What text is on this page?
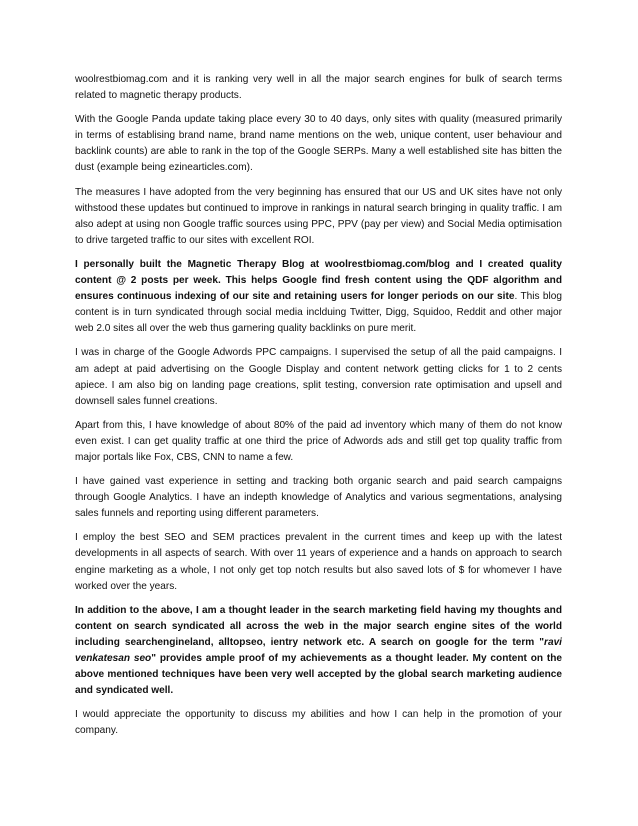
woolrestbiomag.com and it is ranking very well in all the major search engines for bulk of search terms related to magnetic therapy products.

With the Google Panda update taking place every 30 to 40 days, only sites with quality (measured primarily in terms of establising brand name, brand name mentions on the web, unique content, user behaviour and backlink counts) are able to rank in the top of the Google SERPs. Many a well established site has bitten the dust (example being ezinearticles.com).

The measures I have adopted from the very beginning has ensured that our US and UK sites have not only withstood these updates but continued to improve in rankings in natural search bringing in quality traffic. I am also adept at using non Google traffic sources using PPC, PPV (pay per view) and Social Media optimisation to drive targeted traffic to our sites with excellent ROI.

I personally built the Magnetic Therapy Blog at woolrestbiomag.com/blog and I created quality content @ 2 posts per week. This helps Google find fresh content using the QDF algorithm and ensures continuous indexing of our site and retaining users for longer periods on our site. This blog content is in turn syndicated through social media inclduing Twitter, Digg, Squidoo, Reddit and other major web 2.0 sites all over the web thus garnering quality backlinks on pure merit.

I was in charge of the Google Adwords PPC campaigns. I supervised the setup of all the paid campaigns. I am adept at paid advertising on the Google Display and content network getting clicks for 1 to 2 cents apiece. I am also big on landing page creations, split testing, conversion rate optimisation and upsell and downsell sales funnel creations.

Apart from this, I have knowledge of about 80% of the paid ad inventory which many of them do not know even exist. I can get quality traffic at one third the price of Adwords ads and still get top quality traffic from major portals like Fox, CBS, CNN to name a few.

I have gained vast experience in setting and tracking both organic search and paid search campaigns through Google Analytics. I have an indepth knowledge of Analytics and various segmentations, analysing sales funnels and reporting using different parameters.

I employ the best SEO and SEM practices prevalent in the current times and keep up with the latest developments in all aspects of search. With over 11 years of experience and a hands on approach to search engine marketing as a whole, I not only get top notch results but also saved lots of $ for whomever I have worked over the years.

In addition to the above, I am a thought leader in the search marketing field having my thoughts and content on search syndicated all across the web in the major search engine sites of the world including searchengineland, alltopseo, ientry network etc. A search on google for the term "ravi venkatesan seo" provides ample proof of my achievements as a thought leader. My content on the above mentioned techniques have been very well accepted by the global search marketing audience and syndicated well.

I would appreciate the opportunity to discuss my abilities and how I can help in the promotion of your company.
